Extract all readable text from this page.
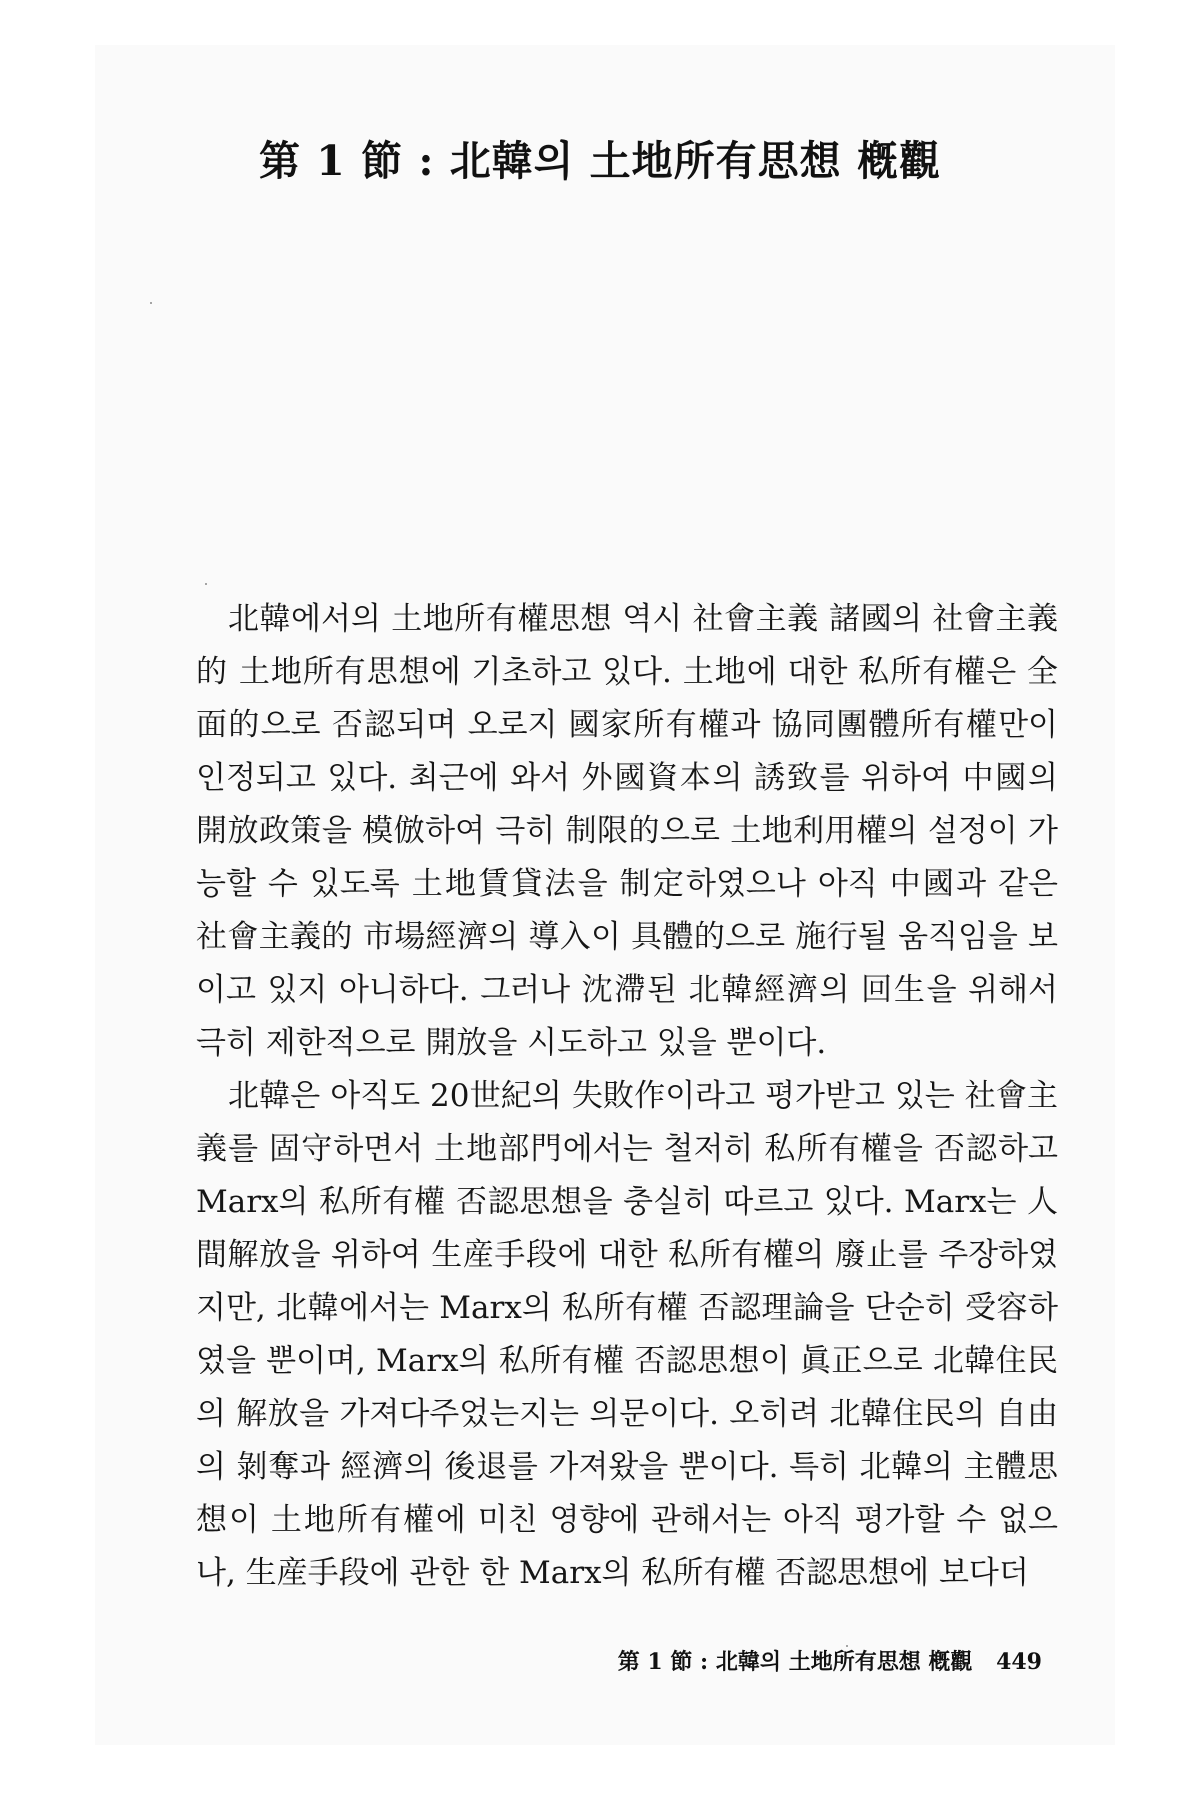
第 1 節 : 北韓의 土地所有思想 槪觀

北韓에서의 土地所有權思想 역시 社會主義 諸國의 社會主義的 土地所有思想에 기초하고 있다. 土地에 대한 私所有權은 全面的으로 否認되며 오로지 國家所有權과 協同團體所有權만이 인정되고 있다. 최근에 와서 外國資本의 誘致를 위하여 中國의 開放政策을 模倣하여 극히 制限的으로 土地利用權의 설정이 가능할 수 있도록 土地賃貸法을 制定하였으나 아직 中國과 같은 社會主義的 市場經濟의 導入이 具體的으로 施行될 움직임을 보이고 있지 아니하다. 그러나 沈滯된 北韓經濟의 回生을 위해서 극히 제한적으로 開放을 시도하고 있을 뿐이다.

北韓은 아직도 20世紀의 失敗作이라고 평가받고 있는 社會主義를 固守하면서 土地部門에서는 철저히 私所有權을 否認하고 Marx의 私所有權 否認思想을 충실히 따르고 있다. Marx는 人間解放을 위하여 生産手段에 대한 私所有權의 廢止를 주장하였지만, 北韓에서는 Marx의 私所有權 否認理論을 단순히 受容하였을 뿐이며, Marx의 私所有權 否認思想이 眞正으로 北韓住民의 解放을 가져다주었는지는 의문이다. 오히려 北韓住民의 自由의 剝奪과 經濟의 後退를 가져왔을 뿐이다. 특히 北韓의 主體思想이 土地所有權에 미친 영향에 관해서는 아직 평가할 수 없으나, 生産手段에 관한 한 Marx의 私所有權 否認思想에 보다더

第 1 節 : 北韓의 土地所有思想 槪觀 449
